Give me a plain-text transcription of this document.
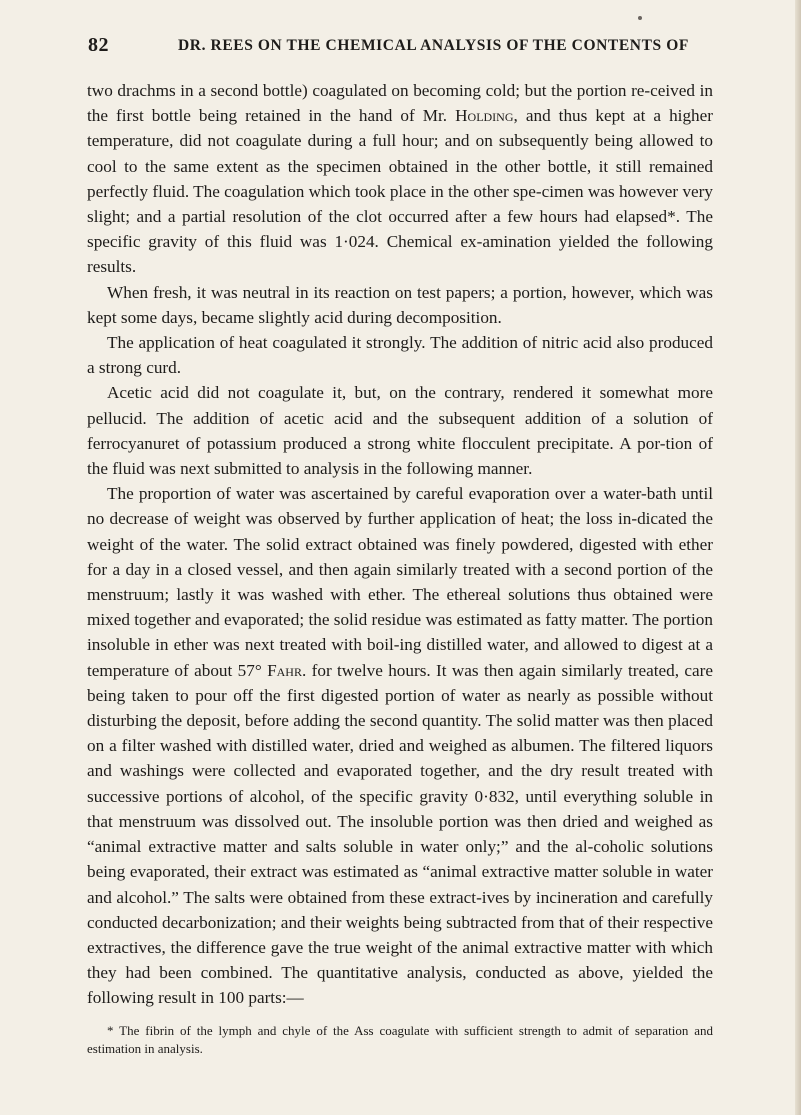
82	DR. REES ON THE CHEMICAL ANALYSIS OF THE CONTENTS OF

two drachms in a second bottle) coagulated on becoming cold; but the portion re-ceived in the first bottle being retained in the hand of Mr. Holding, and thus kept at a higher temperature, did not coagulate during a full hour; and on subsequently being allowed to cool to the same extent as the specimen obtained in the other bottle, it still remained perfectly fluid. The coagulation which took place in the other spe-cimen was however very slight; and a partial resolution of the clot occurred after a few hours had elapsed*. The specific gravity of this fluid was 1·024. Chemical ex-amination yielded the following results.

When fresh, it was neutral in its reaction on test papers; a portion, however, which was kept some days, became slightly acid during decomposition.

The application of heat coagulated it strongly. The addition of nitric acid also produced a strong curd.

Acetic acid did not coagulate it, but, on the contrary, rendered it somewhat more pellucid. The addition of acetic acid and the subsequent addition of a solution of ferrocyanuret of potassium produced a strong white flocculent precipitate. A por-tion of the fluid was next submitted to analysis in the following manner.

The proportion of water was ascertained by careful evaporation over a water-bath until no decrease of weight was observed by further application of heat; the loss in-dicated the weight of the water. The solid extract obtained was finely powdered, digested with ether for a day in a closed vessel, and then again similarly treated with a second portion of the menstruum; lastly it was washed with ether. The ethereal solutions thus obtained were mixed together and evaporated; the solid residue was estimated as fatty matter. The portion insoluble in ether was next treated with boil-ing distilled water, and allowed to digest at a temperature of about 57° Fahr. for twelve hours. It was then again similarly treated, care being taken to pour off the first digested portion of water as nearly as possible without disturbing the deposit, before adding the second quantity. The solid matter was then placed on a filter washed with distilled water, dried and weighed as albumen. The filtered liquors and washings were collected and evaporated together, and the dry result treated with successive portions of alcohol, of the specific gravity 0·832, until everything soluble in that menstruum was dissolved out. The insoluble portion was then dried and weighed as “animal extractive matter and salts soluble in water only;” and the al-coholic solutions being evaporated, their extract was estimated as “animal extractive matter soluble in water and alcohol.” The salts were obtained from these extract-ives by incineration and carefully conducted decarbonization; and their weights being subtracted from that of their respective extractives, the difference gave the true weight of the animal extractive matter with which they had been combined. The quantitative analysis, conducted as above, yielded the following result in 100 parts:—

* The fibrin of the lymph and chyle of the Ass coagulate with sufficient strength to admit of separation and estimation in analysis.
